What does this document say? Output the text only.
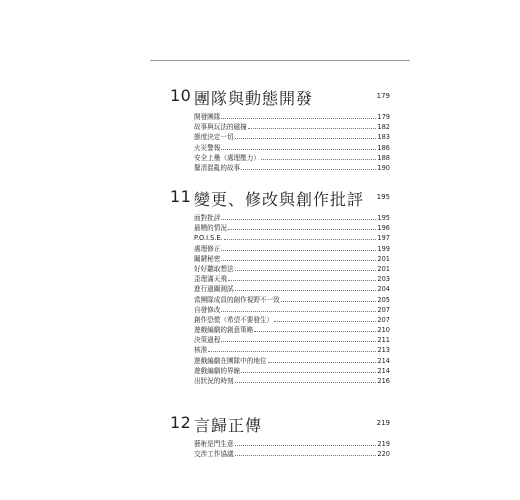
10 團隊與動態開發	179
開發團隊	179
故事與玩法的磁撞	182
態度決定一切	183
火災警報	186
安全上壘（處理壓力）	188
釐清混亂的故事	190
11 變更、修改與創作批評 195
面對批評	195
最糟的情況	196
P.O.I.S.E.	197
處理修正	199
關鍵秘密	201
好好聽取想法	201
歪理滿天飛	203
進行過關測試	204
當團隊成員的創作視野不一致	205
自發修改	207
創作恐慌（希望不要發生）	207
遊戲編劇的創意策略	210
決策過程	211
核准	213
遊戲編劇在團隊中的地位	214
遊戲編劇的界線	214
出狀況的時刻	216
12 言歸正傳	219
藝術是門生意	219
交涉工作協議	220
